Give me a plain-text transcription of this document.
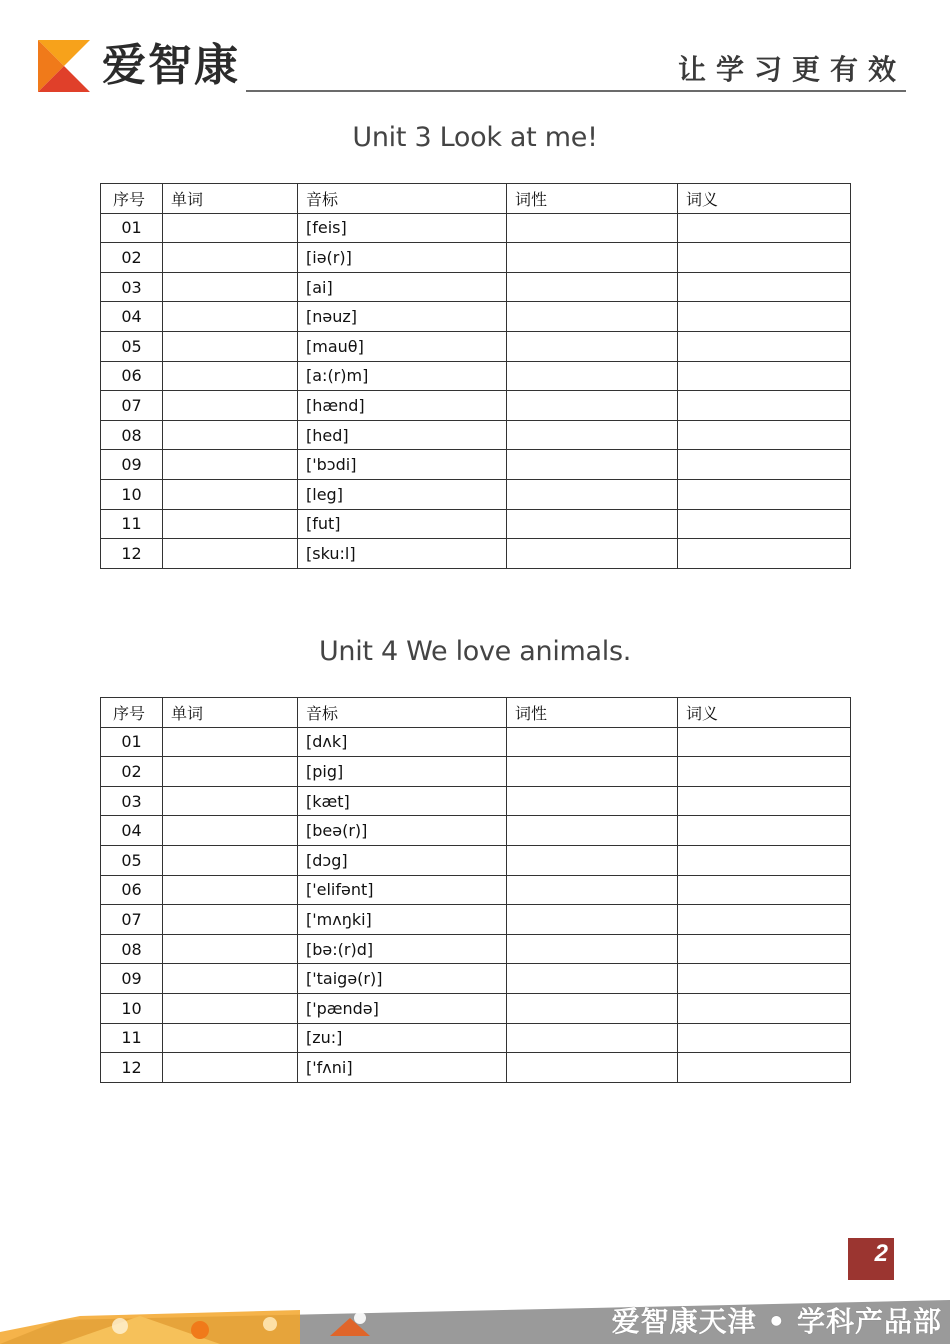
爱智康	让学习更有效
Unit 3 Look at me!
序号	单词	音标	词性	词义
01		[feis]		
02		[iə(r)]		
03		[ai]		
04		[nəuz]		
05		[mauθ]		
06		[a:(r)m]		
07		[hænd]		
08		[hed]		
09		['bɔdi]		
10		[leg]		
11		[fut]		
12		[sku:l]		
Unit 4 We love animals.
序号	单词	音标	词性	词义
01		[dʌk]		
02		[pig]		
03		[kæt]		
04		[beə(r)]		
05		[dɔg]		
06		['elifənt]		
07		['mʌŋki]		
08		[bə:(r)d]		
09		['taigə(r)]		
10		['pændə]		
11		[zu:]		
12		['fʌni]		
2
爱智康天津 • 学科产品部
